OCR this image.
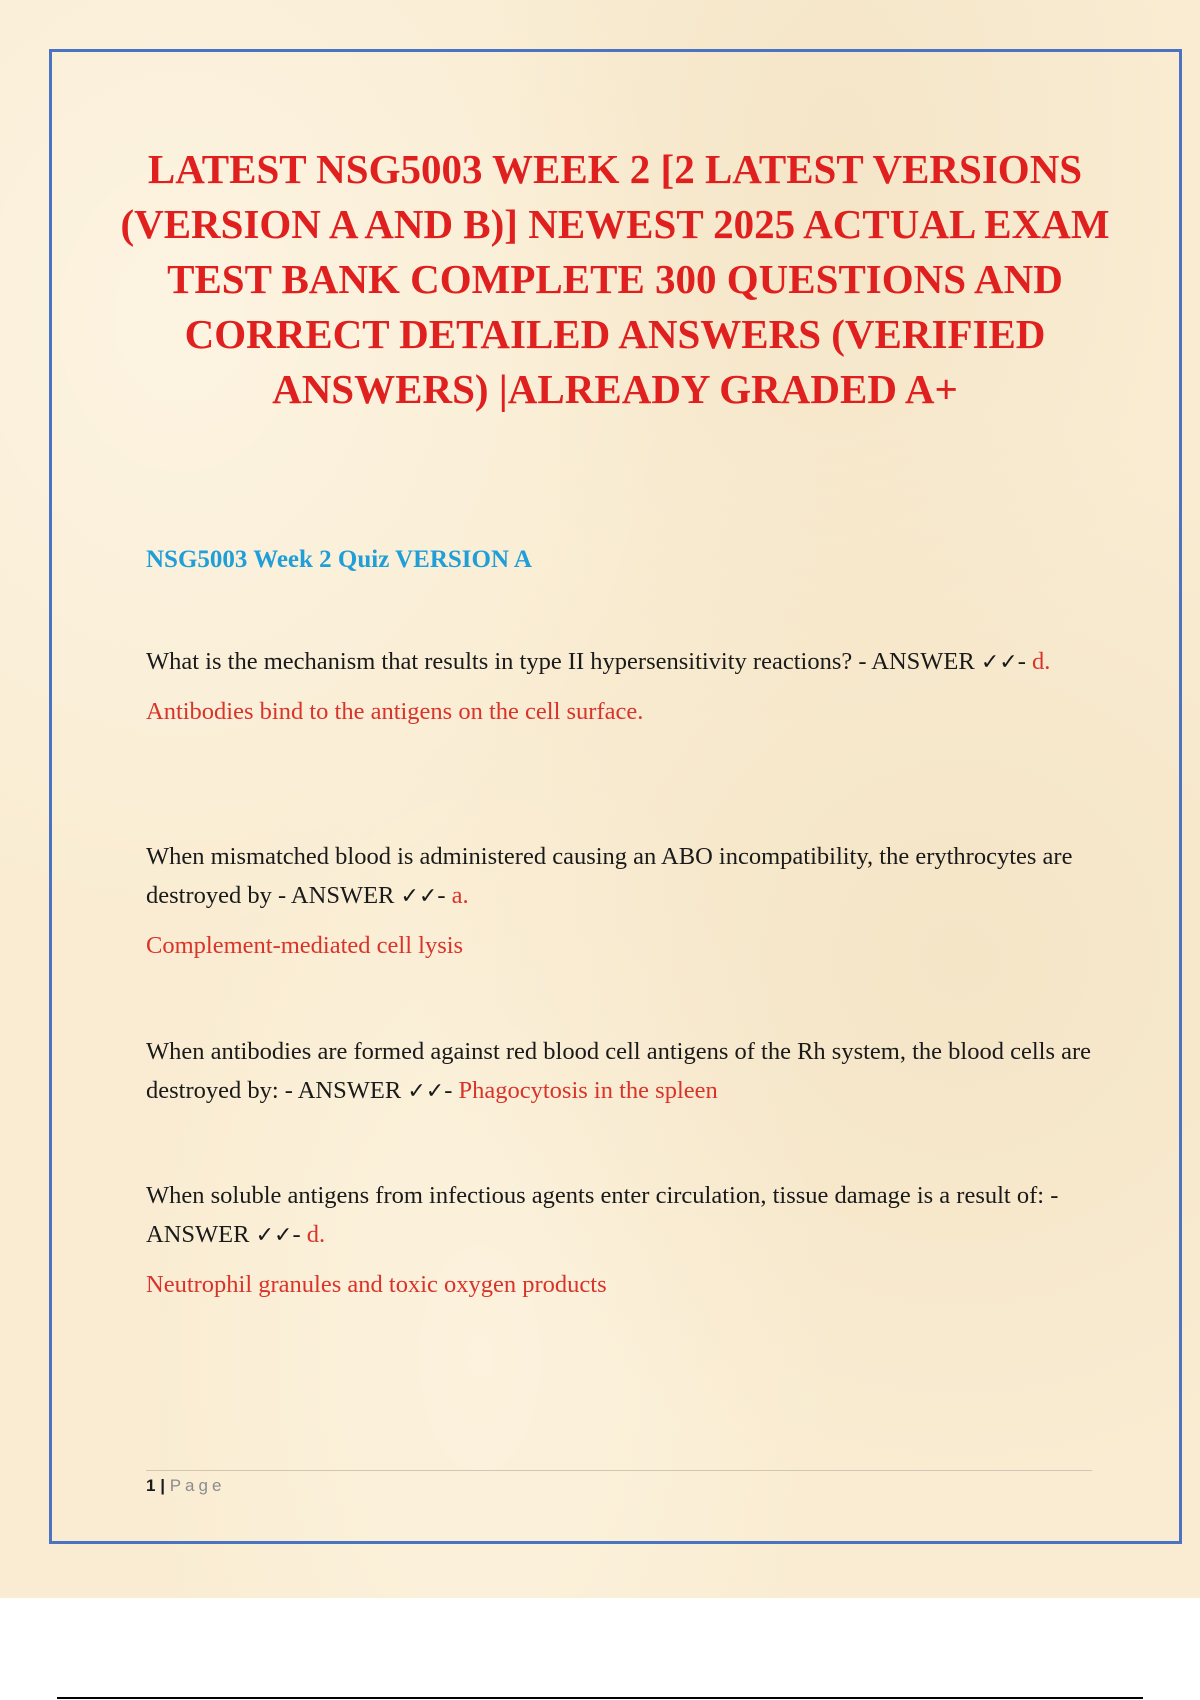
LATEST NSG5003 WEEK 2 [2 LATEST VERSIONS (VERSION A AND B)] NEWEST 2025 ACTUAL EXAM TEST BANK COMPLETE 300 QUESTIONS AND CORRECT DETAILED ANSWERS (VERIFIED ANSWERS) |ALREADY GRADED A+

NSG5003 Week 2 Quiz VERSION A

What is the mechanism that results in type II hypersensitivity reactions? - ANSWER ✓✓- d.

Antibodies bind to the antigens on the cell surface.

When mismatched blood is administered causing an ABO incompatibility, the erythrocytes are destroyed by - ANSWER ✓✓- a.

Complement-mediated cell lysis

When antibodies are formed against red blood cell antigens of the Rh system, the blood cells are destroyed by: - ANSWER ✓✓- Phagocytosis in the spleen

When soluble antigens from infectious agents enter circulation, tissue damage is a result of: - ANSWER ✓✓- d.

Neutrophil granules and toxic oxygen products

1 | Page
